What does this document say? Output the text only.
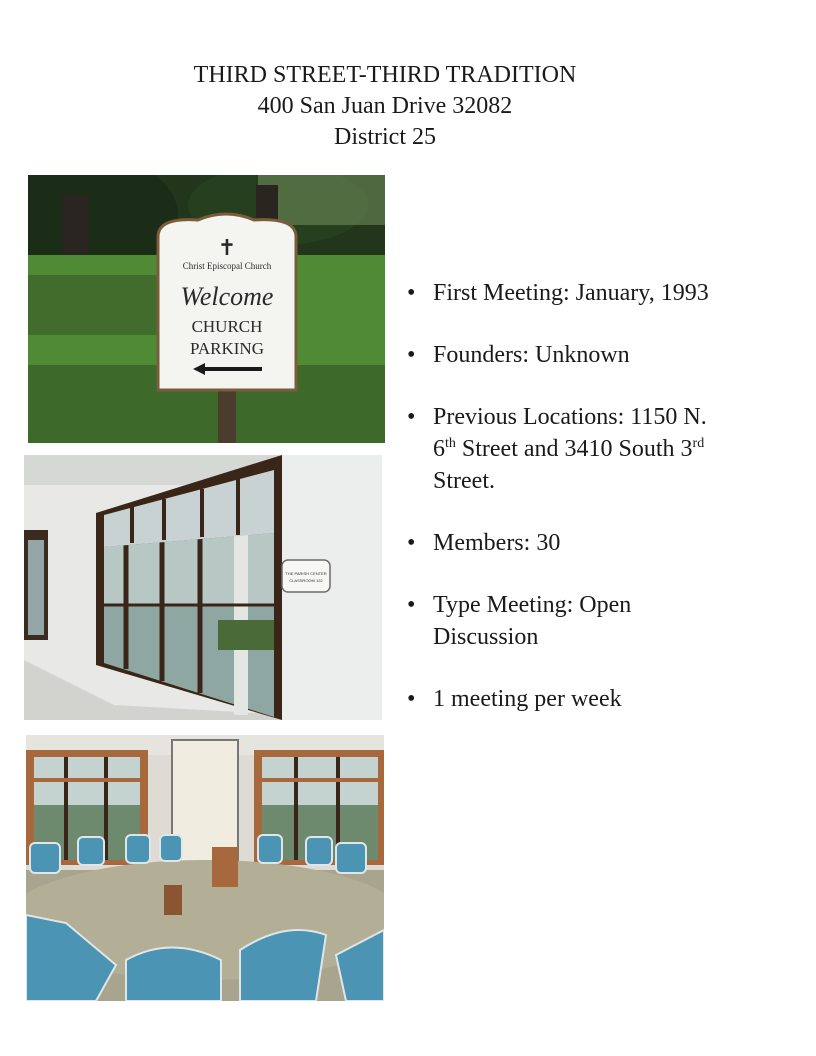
THIRD STREET-THIRD TRADITION
400 San Juan Drive 32082
District 25
✝
Christ Episcopal Church
Welcome
CHURCH
PARKING
THE PARISH CENTER
CLASSROOM 122
• First Meeting: January, 1993
• Founders: Unknown
• Previous Locations: 1150 N. 6th Street and 3410 South 3rd Street.
• Members: 30
• Type Meeting: Open Discussion
• 1 meeting per week
